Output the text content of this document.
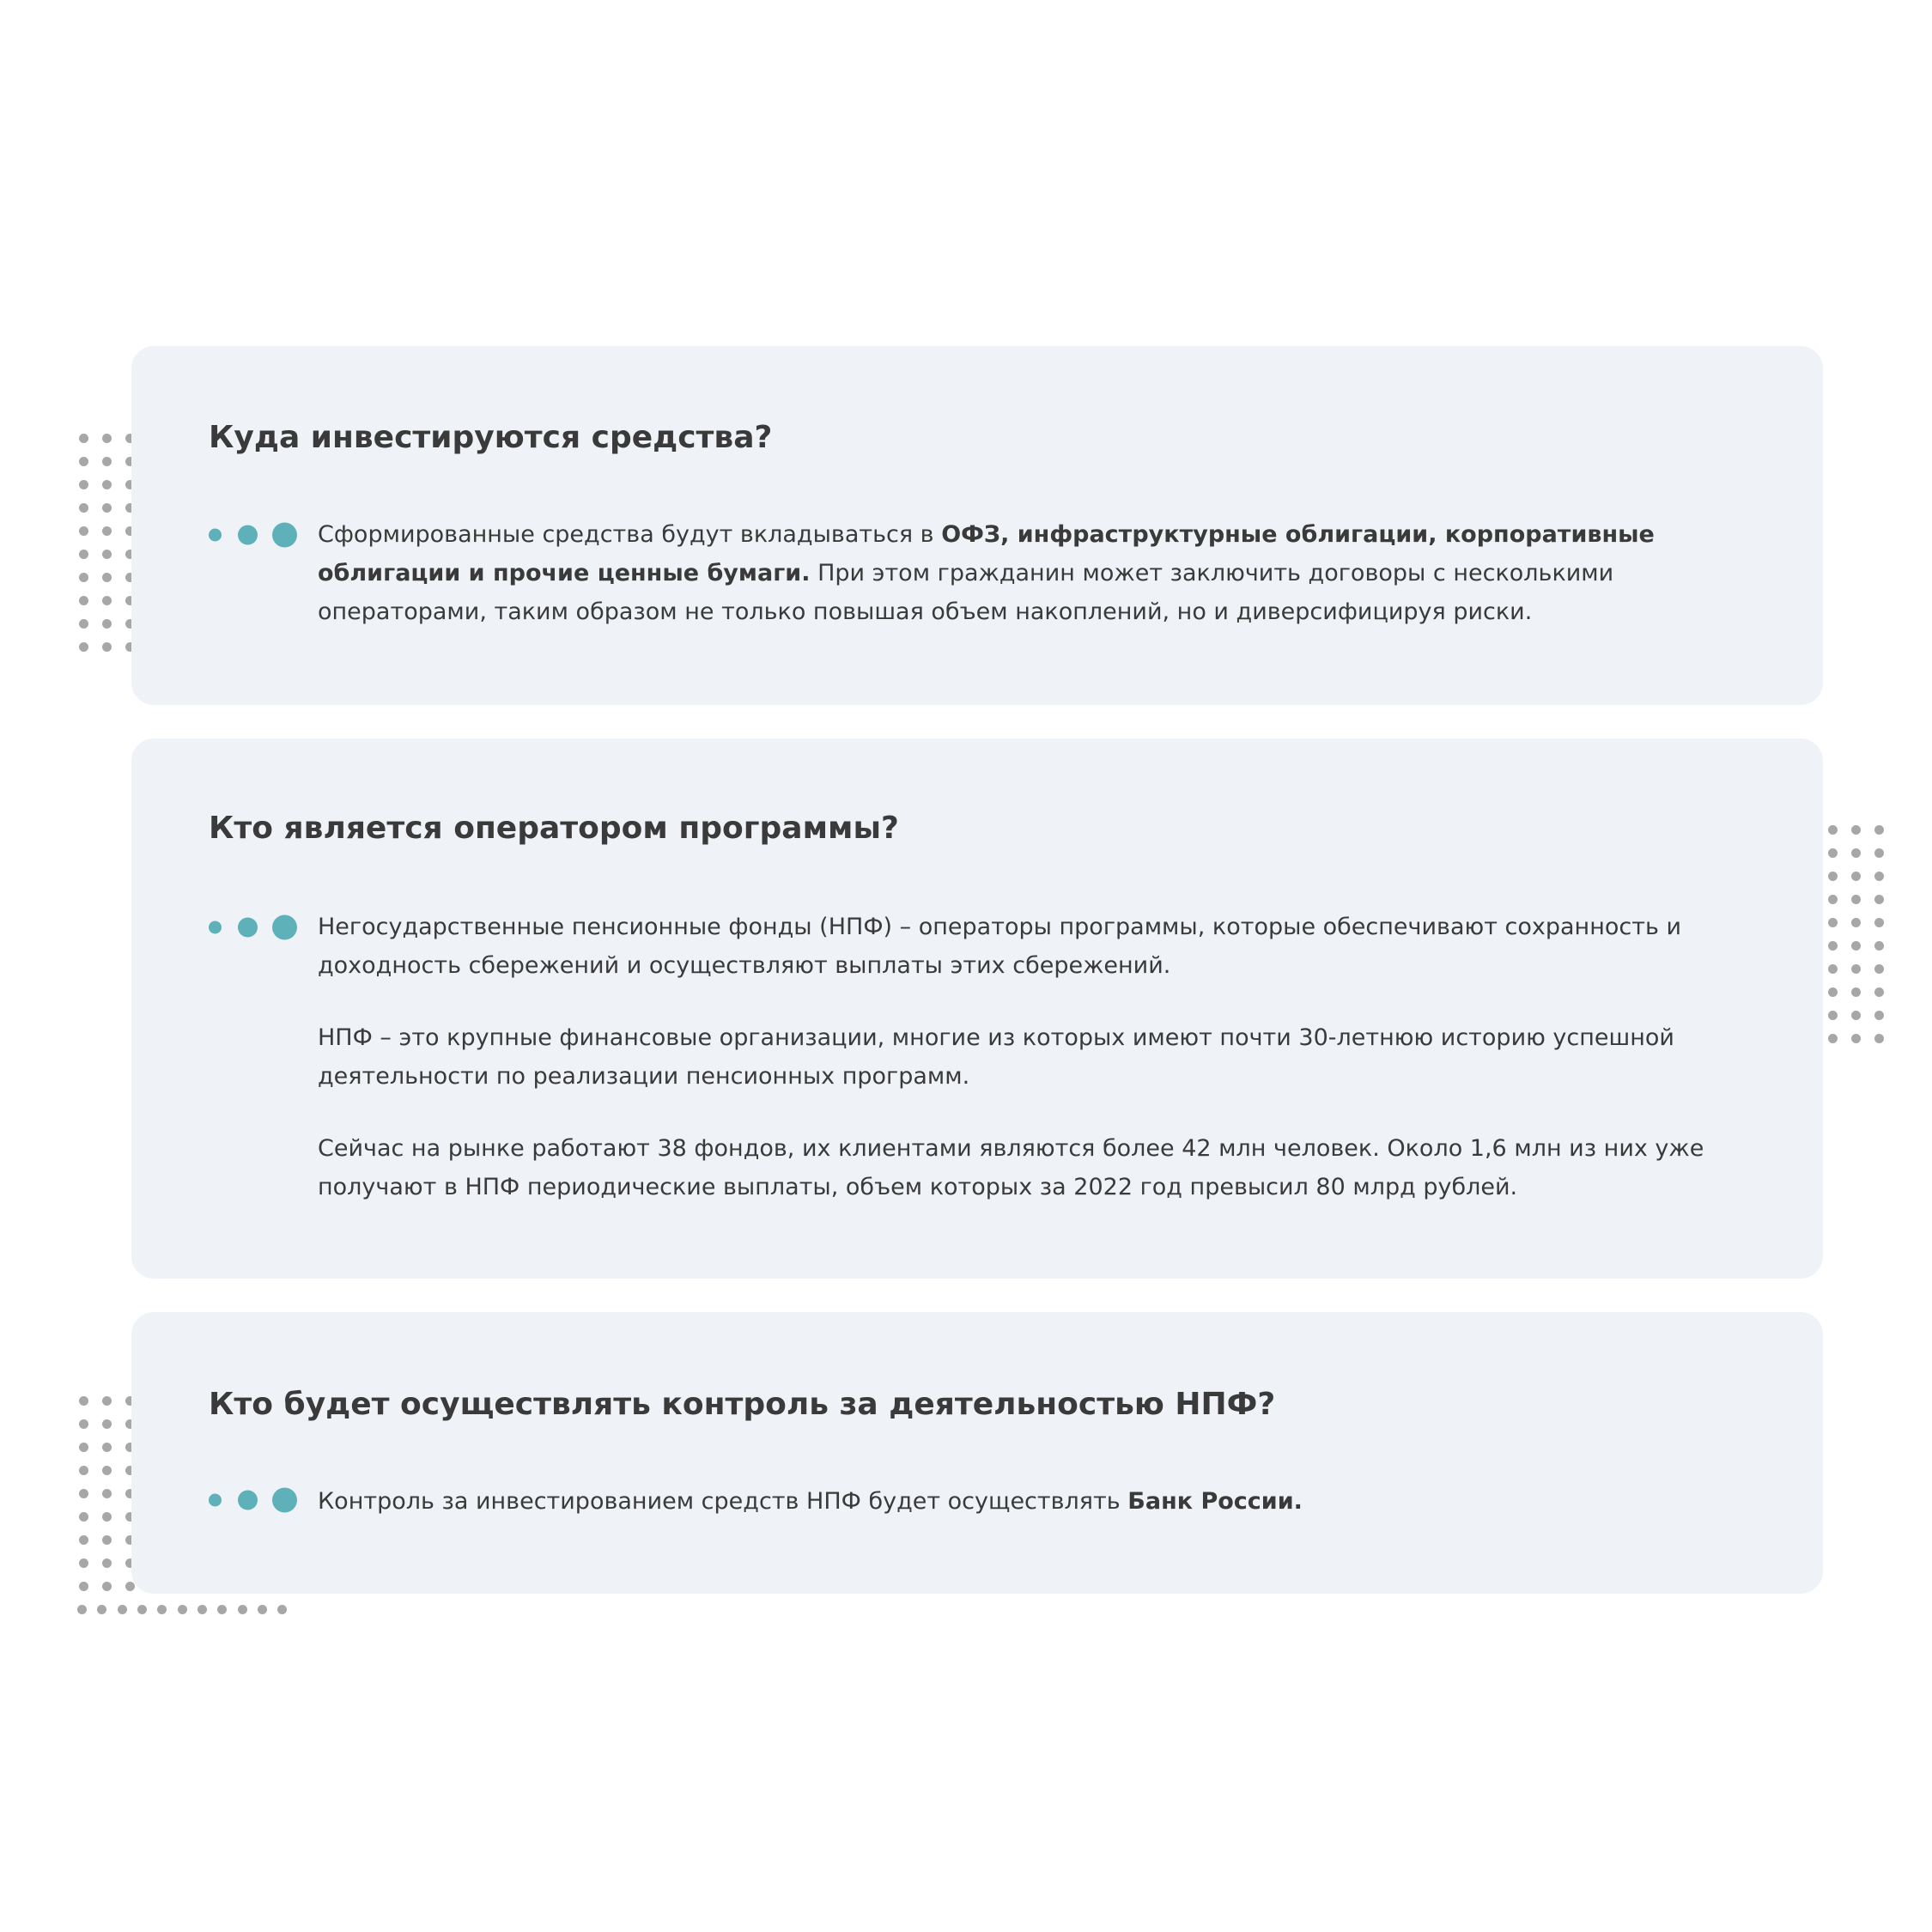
Куда инвестируются средства?

Сформированные средства будут вкладываться в ОФЗ, инфраструктурные облигации, корпоративные облигации и прочие ценные бумаги. При этом гражданин может заключить договоры с несколькими операторами, таким образом не только повышая объем накоплений, но и диверсифицируя риски.

Кто является оператором программы?

Негосударственные пенсионные фонды (НПФ) – операторы программы, которые обеспечивают сохранность и доходность сбережений и осуществляют выплаты этих сбережений.

НПФ – это крупные финансовые организации, многие из которых имеют почти 30-летнюю историю успешной деятельности по реализации пенсионных программ.

Сейчас на рынке работают 38 фондов, их клиентами являются более 42 млн человек. Около 1,6 млн из них уже получают в НПФ периодические выплаты, объем которых за 2022 год превысил 80 млрд рублей.

Кто будет осуществлять контроль за деятельностью НПФ?

Контроль за инвестированием средств НПФ будет осуществлять Банк России.
